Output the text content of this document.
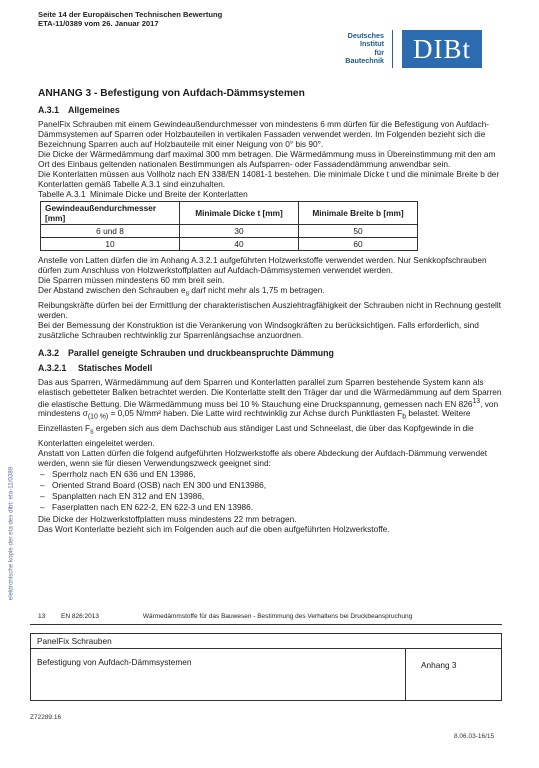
Seite 14 der Europäischen Technischen Bewertung
ETA-11/0389 vom 26. Januar 2017
Deutsches
Institut
für
Bautechnik	DIBt
ANHANG 3 - Befestigung von Aufdach-Dämmsystemen
A.3.1 Allgemeines

PanelFix Schrauben mit einem Gewindeaußendurchmesser von mindestens 6 mm dürfen für die Befestigung von Aufdach-Dämmsystemen auf Sparren oder Holzbauteilen in vertikalen Fassaden verwendet werden. Im Folgenden bezieht sich die Bezeichnung Sparren auch auf Holzbauteile mit einer Neigung von 0° bis 90°.

Die Dicke der Wärmedämmung darf maximal 300 mm betragen. Die Wärmedämmung muss in Übereinstimmung mit den am Ort des Einbaus geltenden nationalen Bestimmungen als Aufsparren- oder Fassadendämmung anwendbar sein.

Die Konterlatten müssen aus Vollholz nach EN 338/EN 14081-1 bestehen. Die minimale Dicke t und die minimale Breite b der Konterlatten gemäß Tabelle A.3.1 sind einzuhalten.

Tabelle A.3.1 Minimale Dicke und Breite der Konterlatten

Gewindeaußendurchmesser [mm]	Minimale Dicke t [mm]	Minimale Breite b [mm]
6 und 8	30	50
10	40	60

Anstelle von Latten dürfen die im Anhang A.3.2.1 aufgeführten Holzwerkstoffe verwendet werden. Nur Senkkopfschrauben dürfen zum Anschluss von Holzwerkstoffplatten auf Aufdach-Dämmsystemen verwendet werden.

Die Sparren müssen mindestens 60 mm breit sein.

Der Abstand zwischen den Schrauben $e_s$ darf nicht mehr als 1,75 m betragen.

Reibungskräfte dürfen bei der Ermittlung der charakteristischen Ausziehtragfähigkeit der Schrauben nicht in Rechnung gestellt werden.

Bei der Bemessung der Konstruktion ist die Verankerung von Windsogkräften zu berücksichtigen. Falls erforderlich, sind zusätzliche Schrauben rechtwinklig zur Sparrenlängsachse anzuordnen.

A.3.2 Parallel geneigte Schrauben und druckbeanspruchte Dämmung
A.3.2.1 Statisches Modell

Das aus Sparren, Wärmedämmung auf dem Sparren und Konterlatten parallel zum Sparren bestehende System kann als elastisch gebetteter Balken betrachtet werden. Die Konterlatte stellt den Träger dar und die Wärmedämmung auf dem Sparren die elastische Bettung. Die Wärmedämmung muss bei 10 % Stauchung eine Druckspannung, gemessen nach EN $826^{13}$, von mindestens $\sigma_{(10 \%)} = 0,05$ N/mm² haben. Die Latte wird rechtwinklig zur Achse durch Punktlasten $F_b$ belastet. Weitere Einzellasten $F_s$ ergeben sich aus dem Dachschub aus ständiger Last und Schneelast, die über das Kopfgewinde in die Konterlatten eingeleitet werden.

Anstatt von Latten dürfen die folgend aufgeführten Holzwerkstoffe als obere Abdeckung der Aufdach-Dämmung verwendet werden, wenn sie für diesen Verwendungszweck geeignet sind:

– Sperrholz nach EN 636 und EN 13986,
– Oriented Strand Board (OSB) nach EN 300 und EN13986,
– Spanplatten nach EN 312 and EN 13986,
– Faserplatten nach EN 622-2, EN 622-3 und EN 13986.

Die Dicke der Holzwerkstoffplatten muss mindestens 22 mm betragen.

Das Wort Konterlatte bezieht sich im Folgenden auch auf die oben aufgeführten Holzwerkstoffe.

13 EN 826:2013	Wärmedämmstoffe für das Bauwesen - Bestimmung des Verhaltens bei Druckbeanspruchung
PanelFix Schrauben
Befestigung von Aufdach-Dämmsystemen	Anhang 3
elektronische kopie der eta des dibt: eta-11/0389
Z72289.16
8.06.03-16/15
